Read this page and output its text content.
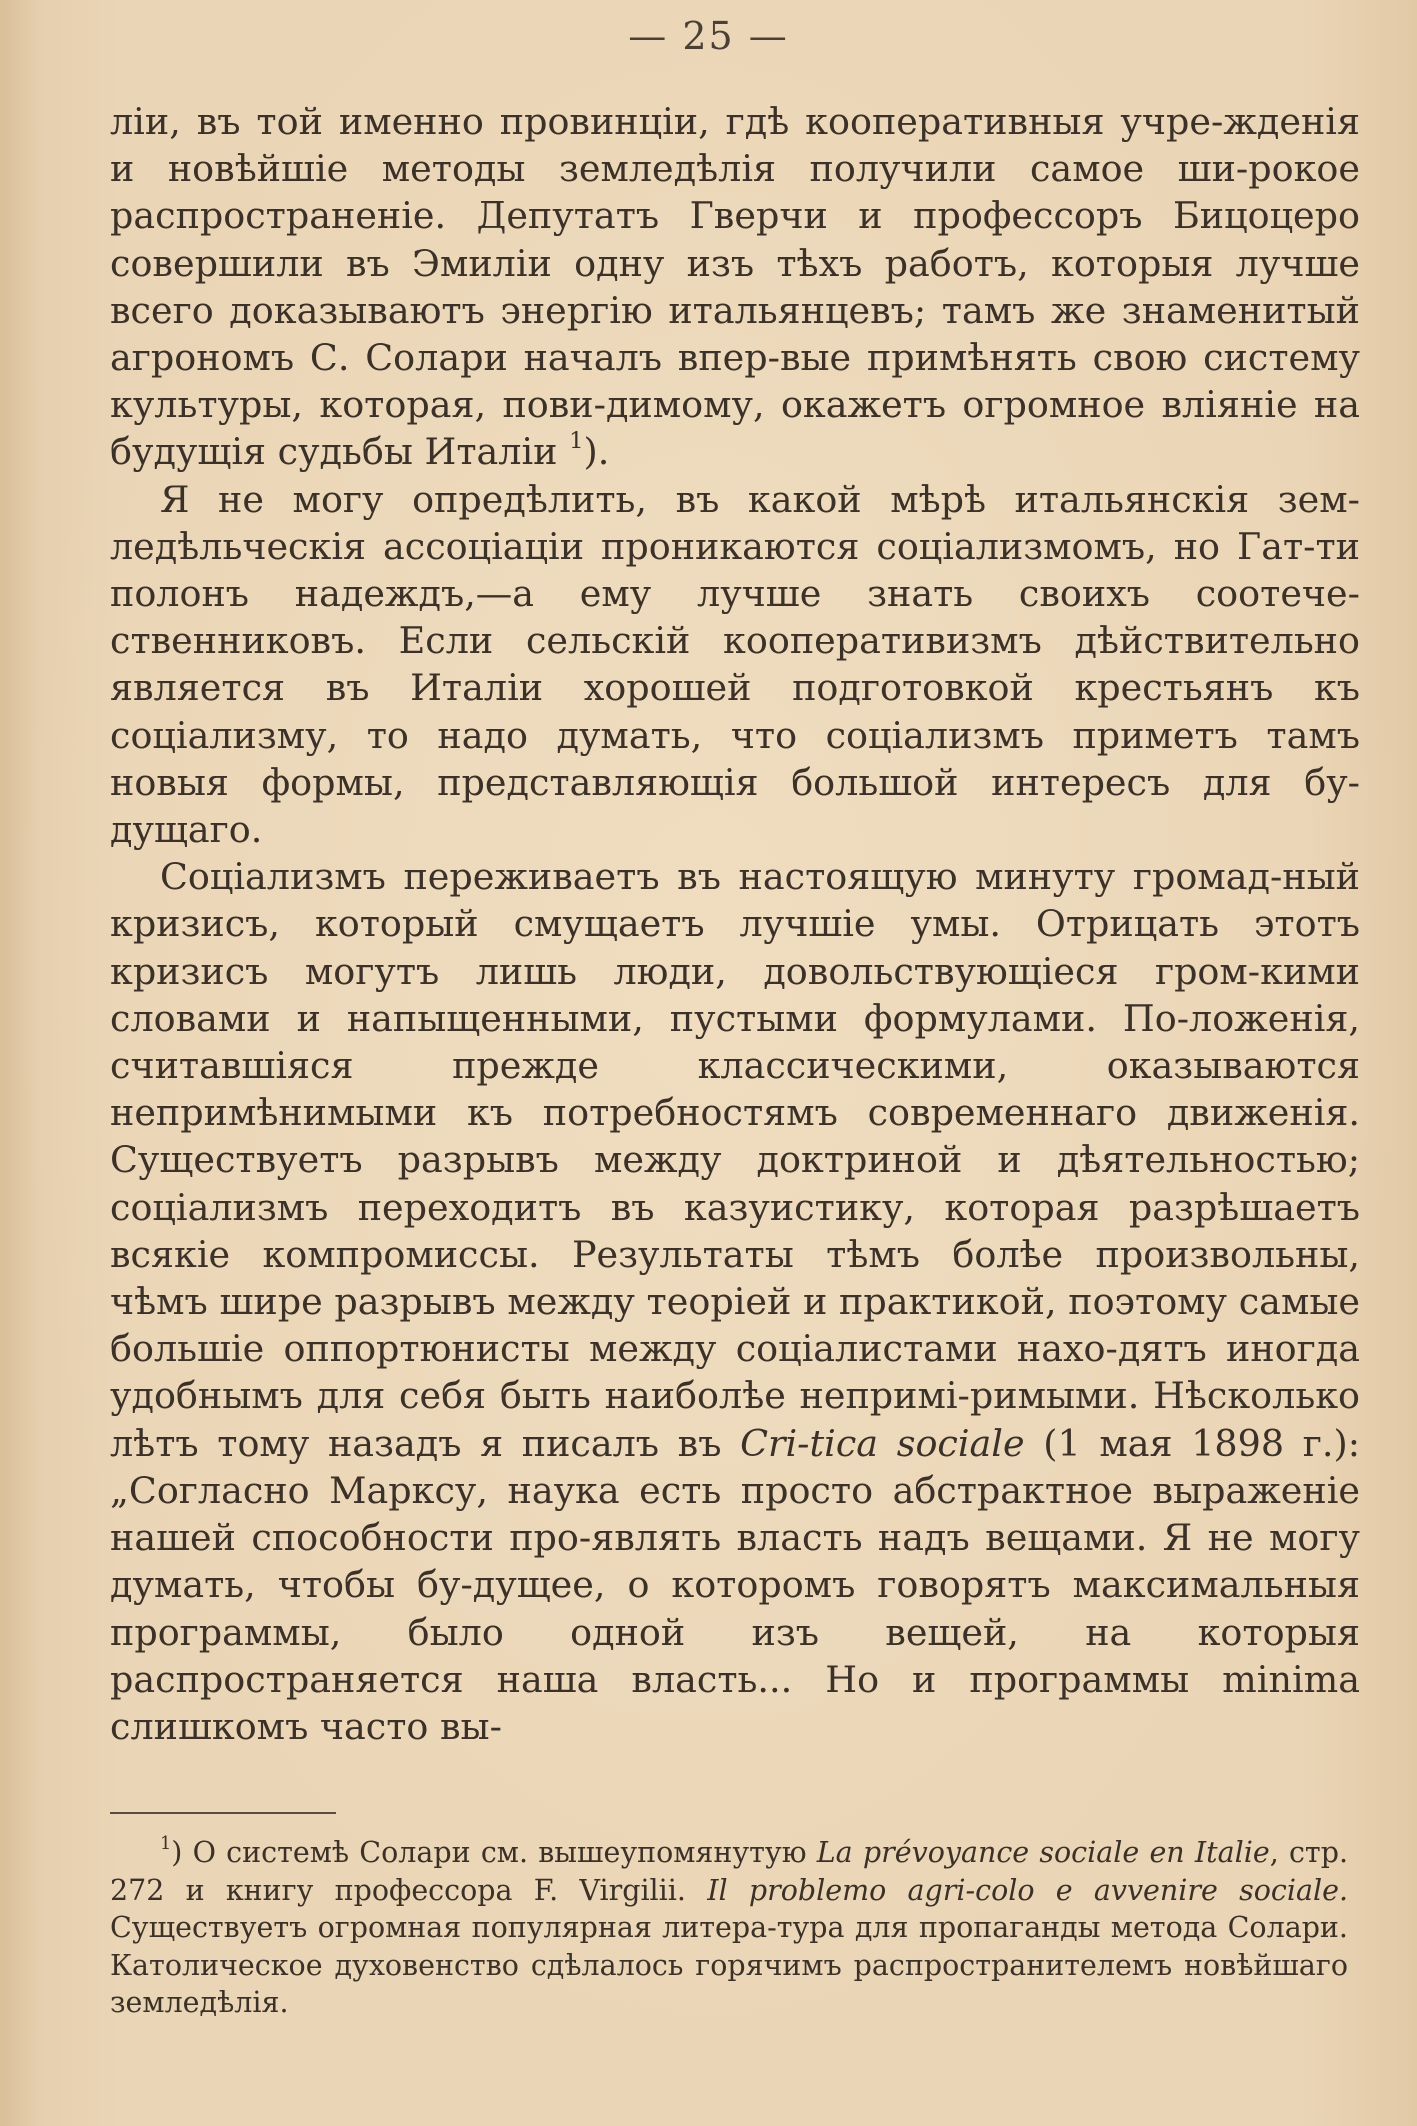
— 25 —

ліи, въ той именно провинціи, гдѣ кооперативныя учре-жденія и новѣйшіе методы земледѣлія получили самое ши-рокое распространеніе. Депутатъ Гверчи и профессоръ Бицоцеро совершили въ Эмиліи одну изъ тѣхъ работъ, которыя лучше всего доказываютъ энергію итальянцевъ; тамъ же знаменитый агрономъ С. Солари началъ впер-вые примѣнять свою систему культуры, которая, пови-димому, окажетъ огромное вліяніе на будущія судьбы Италіи $^1$).

Я не могу опредѣлить, въ какой мѣрѣ итальянскія зем-ледѣльческія ассоціаціи проникаются соціализмомъ, но Гат-ти полонъ надеждъ,—а ему лучше знать своихъ соотече-ственниковъ. Если сельскій кооперативизмъ дѣйствительно является въ Италіи хорошей подготовкой крестьянъ къ соціализму, то надо думать, что соціализмъ приметъ тамъ новыя формы, представляющія большой интересъ для бу-дущаго.

Соціализмъ переживаетъ въ настоящую минуту громад-ный кризисъ, который смущаетъ лучшіе умы. Отрицать этотъ кризисъ могутъ лишь люди, довольствующіеся гром-кими словами и напыщенными, пустыми формулами. По-ложенія, считавшіяся прежде классическими, оказываются непримѣнимыми къ потребностямъ современнаго движенія. Существуетъ разрывъ между доктриной и дѣятельностью; соціализмъ переходитъ въ казуистику, которая разрѣшаетъ всякіе компромиссы. Результаты тѣмъ болѣе произвольны, чѣмъ шире разрывъ между теоріей и практикой, поэтому самые большіе оппортюнисты между соціалистами нахо-дятъ иногда удобнымъ для себя быть наиболѣе непримі-римыми. Нѣсколько лѣтъ тому назадъ я писалъ въ Cri-tica sociale (1 мая 1898 г.): „Согласно Марксу, наука есть просто абстрактное выраженіе нашей способности про-являть власть надъ вещами. Я не могу думать, чтобы бу-дущее, о которомъ говорятъ максимальныя программы, было одной изъ вещей, на которыя распространяется наша власть... Но и программы minima слишкомъ часто вы-

$^1$) О системѣ Солари см. вышеупомянутую La prévoyance sociale en Italie, стр. 272 и книгу профессора F. Virgilii. Il problemo agri-colo e avvenire sociale. Существуетъ огромная популярная литера-тура для пропаганды метода Солари. Католическое духовенство сдѣлалось горячимъ распространителемъ новѣйшаго земледѣлія.
